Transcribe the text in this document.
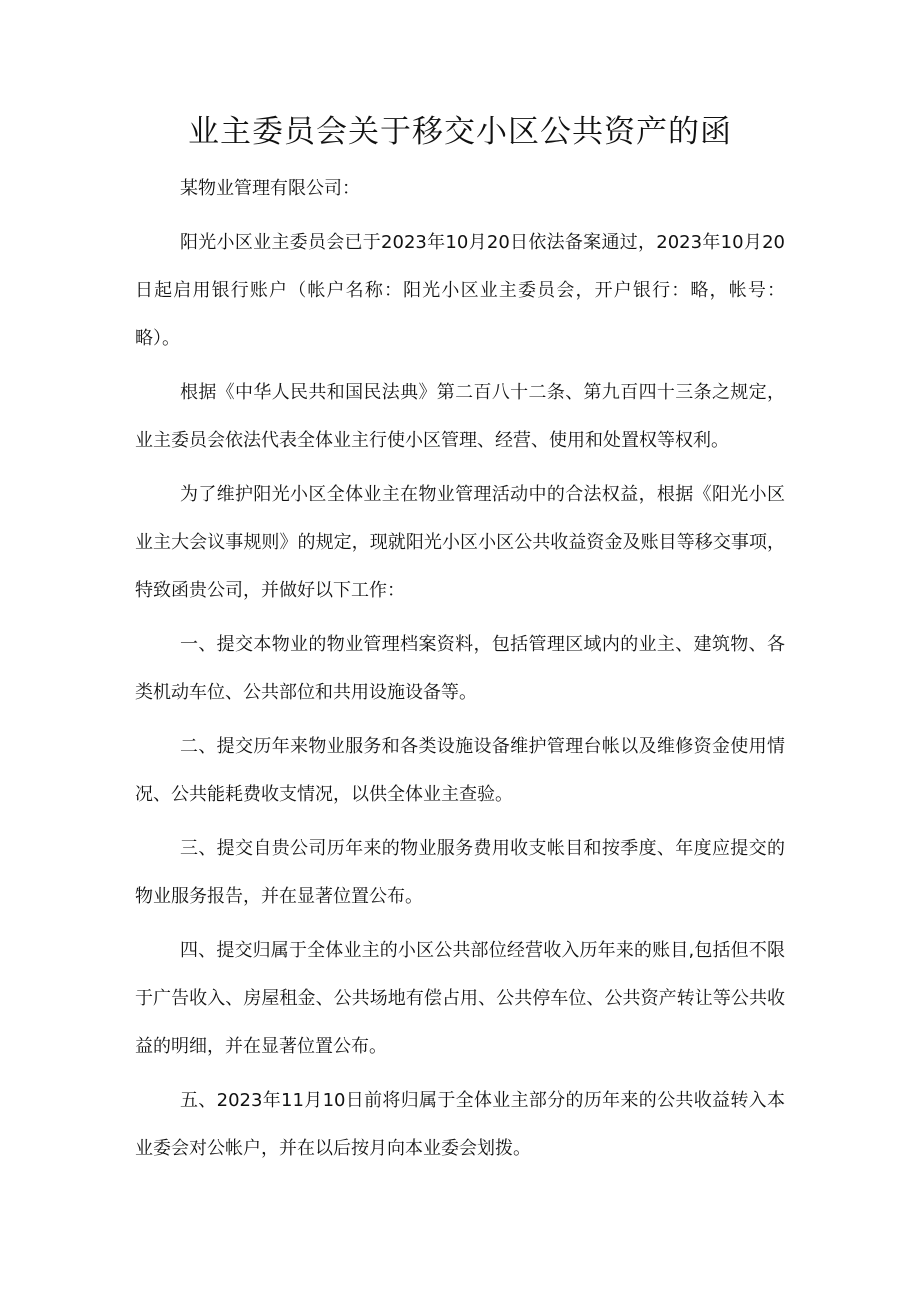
业主委员会关于移交小区公共资产的函

某物业管理有限公司：

阳光小区业主委员会已于2023年10月20日依法备案通过，2023年10月20日起启用银行账户（帐户名称：阳光小区业主委员会，开户银行：略，帐号：略）。

根据《中华人民共和国民法典》第二百八十二条、第九百四十三条之规定，业主委员会依法代表全体业主行使小区管理、经营、使用和处置权等权利。

为了维护阳光小区全体业主在物业管理活动中的合法权益，根据《阳光小区业主大会议事规则》的规定，现就阳光小区小区公共收益资金及账目等移交事项，特致函贵公司，并做好以下工作：

一、提交本物业的物业管理档案资料，包括管理区域内的业主、建筑物、各类机动车位、公共部位和共用设施设备等。

二、提交历年来物业服务和各类设施设备维护管理台帐以及维修资金使用情况、公共能耗费收支情况，以供全体业主查验。

三、提交自贵公司历年来的物业服务费用收支帐目和按季度、年度应提交的物业服务报告，并在显著位置公布。

四、提交归属于全体业主的小区公共部位经营收入历年来的账目,包括但不限于广告收入、房屋租金、公共场地有偿占用、公共停车位、公共资产转让等公共收益的明细，并在显著位置公布。

五、2023年11月10日前将归属于全体业主部分的历年来的公共收益转入本业委会对公帐户，并在以后按月向本业委会划拨。
